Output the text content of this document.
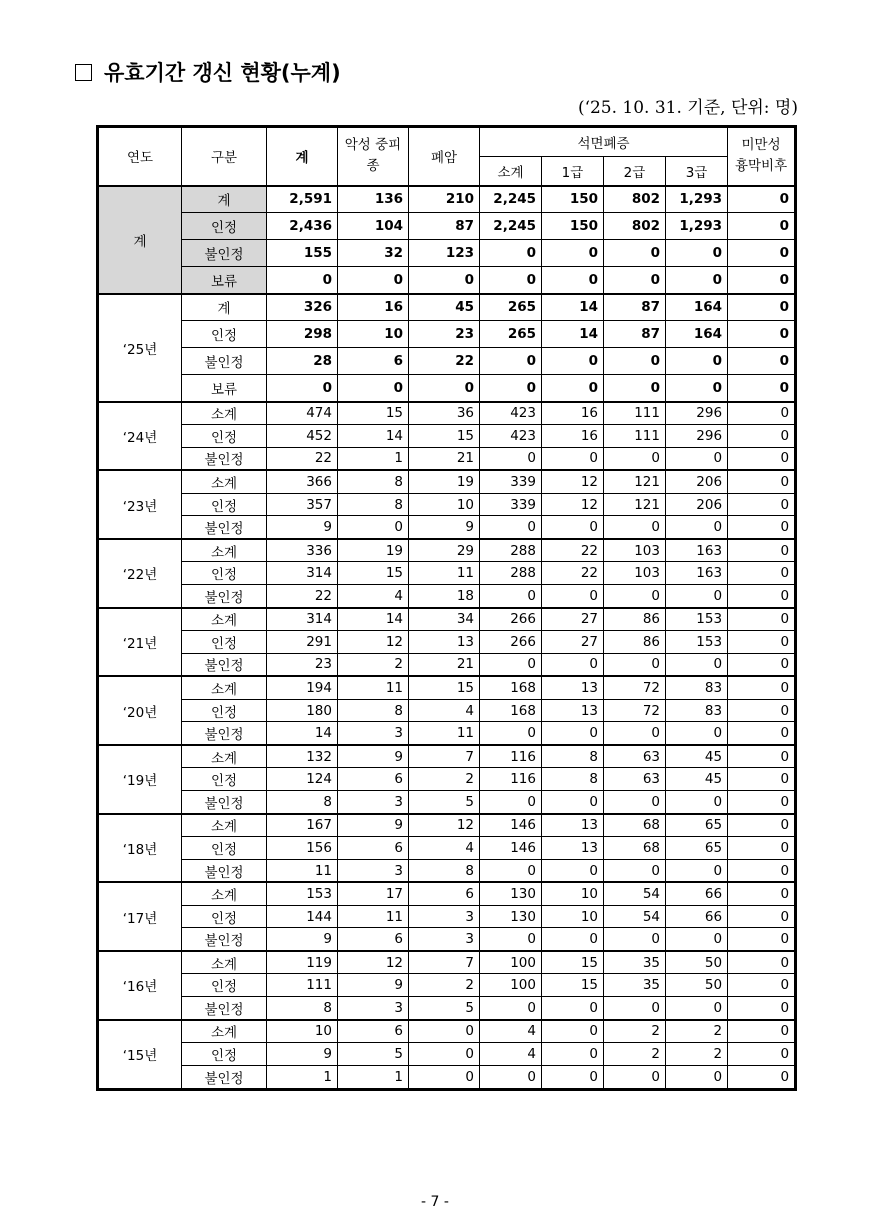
유효기간 갱신 현황(누계)
(‘25. 10. 31. 기준, 단위: 명)
연도	구분	계	악성 중피종	폐암	석면폐증				미만성 흉막비후
					소계	1급	2급	3급	
계	계	2,591	136	210	2,245	150	802	1,293	0
	인정	2,436	104	87	2,245	150	802	1,293	0
	불인정	155	32	123	0	0	0	0	0
	보류	0	0	0	0	0	0	0	0
‘25년	계	326	16	45	265	14	87	164	0
	인정	298	10	23	265	14	87	164	0
	불인정	28	6	22	0	0	0	0	0
	보류	0	0	0	0	0	0	0	0
‘24년	소계	474	15	36	423	16	111	296	0
	인정	452	14	15	423	16	111	296	0
	불인정	22	1	21	0	0	0	0	0
‘23년	소계	366	8	19	339	12	121	206	0
	인정	357	8	10	339	12	121	206	0
	불인정	9	0	9	0	0	0	0	0
‘22년	소계	336	19	29	288	22	103	163	0
	인정	314	15	11	288	22	103	163	0
	불인정	22	4	18	0	0	0	0	0
‘21년	소계	314	14	34	266	27	86	153	0
	인정	291	12	13	266	27	86	153	0
	불인정	23	2	21	0	0	0	0	0
‘20년	소계	194	11	15	168	13	72	83	0
	인정	180	8	4	168	13	72	83	0
	불인정	14	3	11	0	0	0	0	0
‘19년	소계	132	9	7	116	8	63	45	0
	인정	124	6	2	116	8	63	45	0
	불인정	8	3	5	0	0	0	0	0
‘18년	소계	167	9	12	146	13	68	65	0
	인정	156	6	4	146	13	68	65	0
	불인정	11	3	8	0	0	0	0	0
‘17년	소계	153	17	6	130	10	54	66	0
	인정	144	11	3	130	10	54	66	0
	불인정	9	6	3	0	0	0	0	0
‘16년	소계	119	12	7	100	15	35	50	0
	인정	111	9	2	100	15	35	50	0
	불인정	8	3	5	0	0	0	0	0
‘15년	소계	10	6	0	4	0	2	2	0
	인정	9	5	0	4	0	2	2	0
	불인정	1	1	0	0	0	0	0	0
- 7 -
